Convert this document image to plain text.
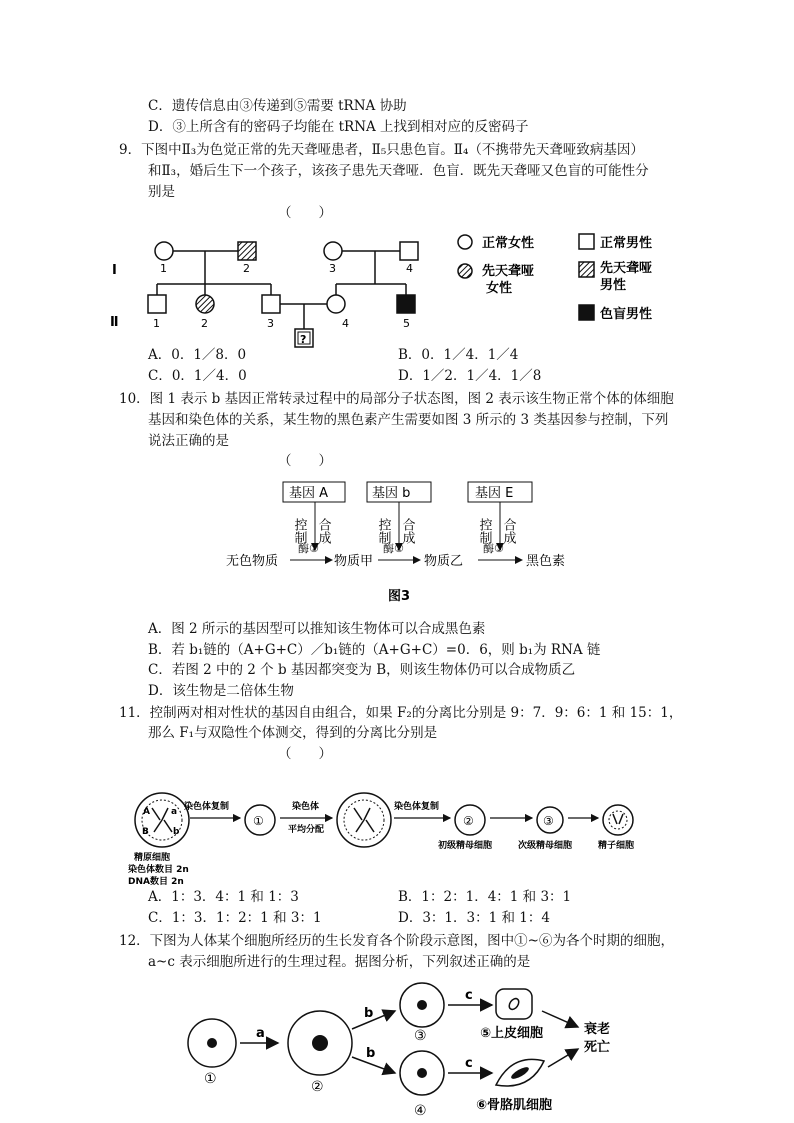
C．遗传信息由③传递到⑤需要 tRNA 协助
D．③上所含有的密码子均能在 tRNA 上找到相对应的反密码子
9．下图中Ⅱ₃为色觉正常的先天聋哑患者，Ⅱ₅只患色盲。Ⅱ₄（不携带先天聋哑致病基因）
和Ⅱ₃，婚后生下一个孩子，该孩子患先天聋哑．色盲．既先天聋哑又色盲的可能性分
别是
（　　）
Ⅰ
Ⅱ
1	2	3	4
?
1	2	3	4	5
正常女性	正常男性
先天聋哑
女性
先天聋哑
男性
色盲男性
A．0．1／8．0	B．0．1／4．1／4
C．0．1／4．0	D．1／2．1／4．1／8
10．图 1 表示 b 基因正常转录过程中的局部分子状态图，图 2 表示该生物正常个体的体细胞
基因和染色体的关系，某生物的黑色素产生需要如图 3 所示的 3 类基因参与控制，下列
说法正确的是
（　　）
基因 A	基因 b	基因 E
控制 合成	控制 合成	控制 合成
酶①	酶②	酶③
无色物质	物质甲	物质乙	黑色素
图3
A．图 2 所示的基因型可以推知该生物体可以合成黑色素
B．若 b₁链的（A+G+C）／b₁链的（A+G+C）=0．6，则 b₁为 RNA 链
C．若图 2 中的 2 个 b 基因都突变为 B，则该生物体仍可以合成物质乙
D．该生物是二倍体生物
11．控制两对相对性状的基因自由组合，如果 F₂的分离比分别是 9：7．9：6：1 和 15：1，
那么 F₁与双隐性个体测交，得到的分离比分别是
（　　）
A a
B	b
精原细胞
染色体数目 2n
DNA数目 2n
染色体复制
①
染色体
平均分配
染色体复制
②
初级精母细胞
③
次级精母细胞	精子细胞
A．1：3．4：1 和 1：3	B．1：2：1．4：1 和 3：1
C．1：3．1：2：1 和 3：1	D．3：1．3：1 和 1：4
12．下图为人体某个细胞所经历的生长发育各个阶段示意图，图中①~⑥为各个时期的细胞，
a~c 表示细胞所进行的生理过程。据图分析，下列叙述正确的是
①
a
②
b
b
③
④
c
c
⑤上皮细胞
⑥骨胳肌细胞
衰老
死亡
